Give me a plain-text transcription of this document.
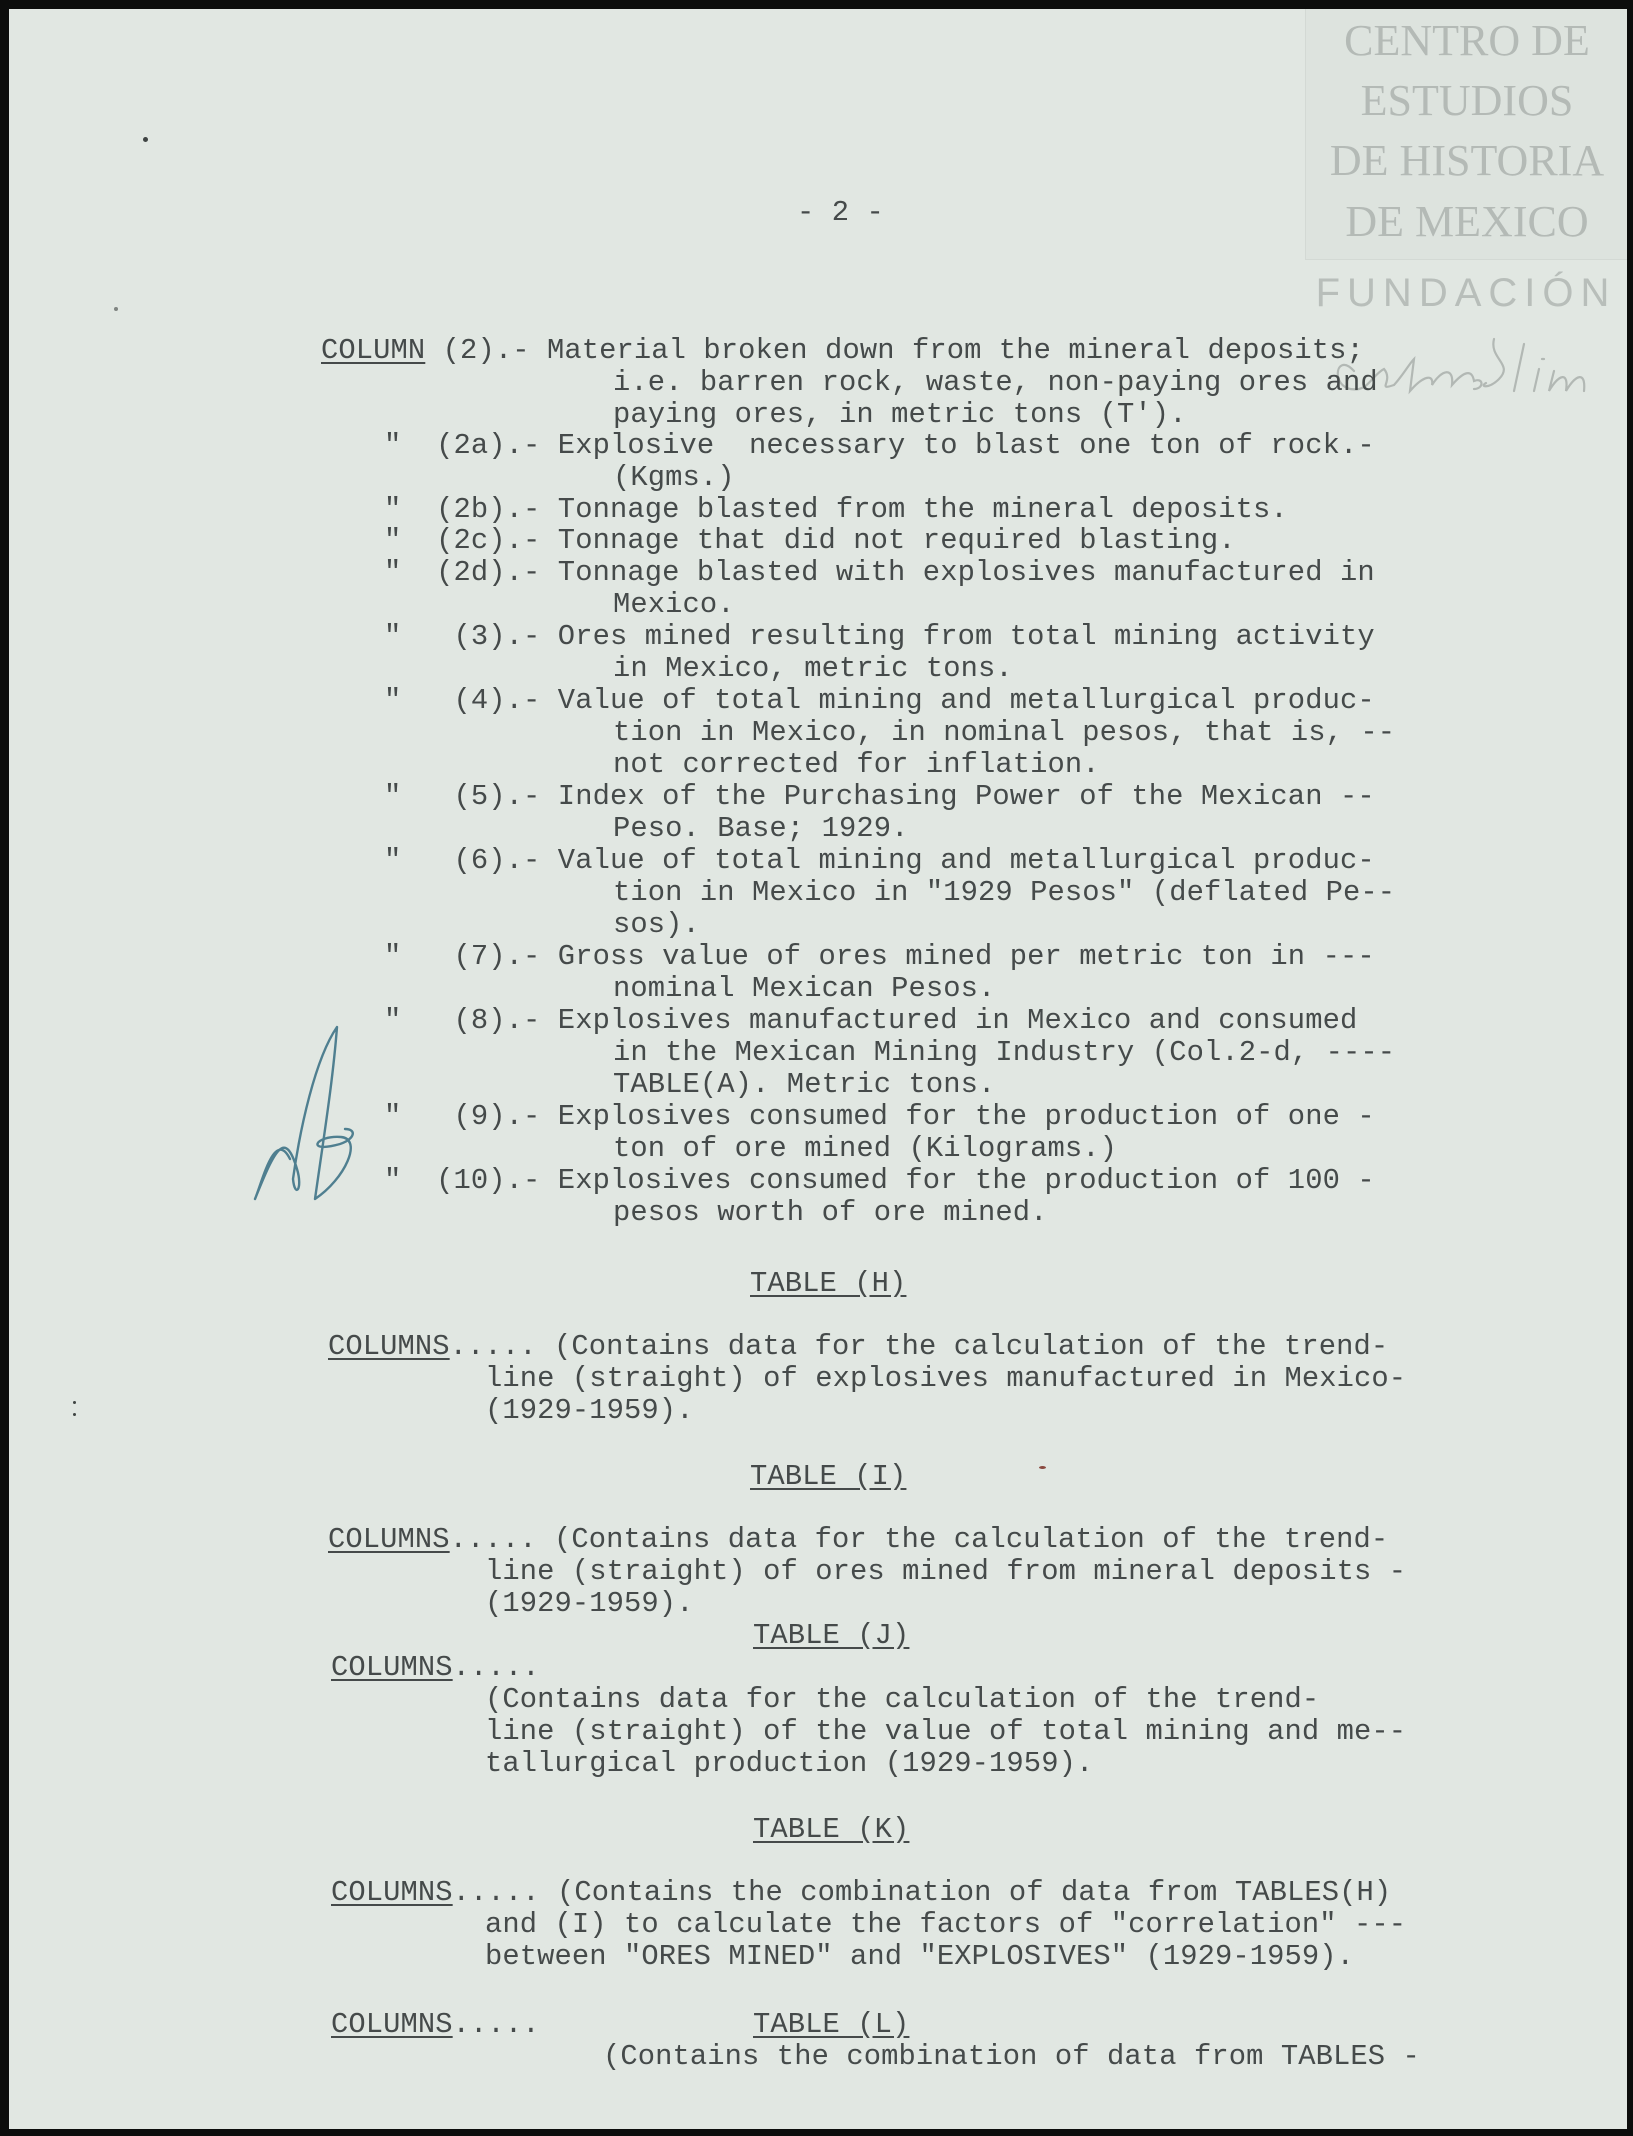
CENTRO DE
ESTUDIOS
DE HISTORIA
DE MEXICO
FUNDACIÓN
- 2 -
COLUMN (2).- Material broken down from the mineral deposits;
i.e. barren rock, waste, non-paying ores and
paying ores, in metric tons (T').
"  (2a).- Explosive  necessary to blast one ton of rock.-
(Kgms.)
"  (2b).- Tonnage blasted from the mineral deposits.
"  (2c).- Tonnage that did not required blasting.
"  (2d).- Tonnage blasted with explosives manufactured in
Mexico.
"   (3).- Ores mined resulting from total mining activity
in Mexico, metric tons.
"   (4).- Value of total mining and metallurgical produc-
tion in Mexico, in nominal pesos, that is, --
not corrected for inflation.
"   (5).- Index of the Purchasing Power of the Mexican --
Peso. Base; 1929.
"   (6).- Value of total mining and metallurgical produc-
tion in Mexico in "1929 Pesos" (deflated Pe--
sos).
"   (7).- Gross value of ores mined per metric ton in ---
nominal Mexican Pesos.
"   (8).- Explosives manufactured in Mexico and consumed
in the Mexican Mining Industry (Col.2-d, ----
TABLE(A). Metric tons.
"   (9).- Explosives consumed for the production of one -
ton of ore mined (Kilograms.)
"  (10).- Explosives consumed for the production of 100 -
pesos worth of ore mined.
TABLE (H)
COLUMNS..... (Contains data for the calculation of the trend-
line (straight) of explosives manufactured in Mexico-
(1929-1959).
TABLE (I)
COLUMNS..... (Contains data for the calculation of the trend-
line (straight) of ores mined from mineral deposits -
(1929-1959).
TABLE (J)
COLUMNS.....
(Contains data for the calculation of the trend-
line (straight) of the value of total mining and me--
tallurgical production (1929-1959).
TABLE (K)
COLUMNS..... (Contains the combination of data from TABLES(H)
and (I) to calculate the factors of "correlation" ---
between "ORES MINED" and "EXPLOSIVES" (1929-1959).
COLUMNS.....	TABLE (L)
(Contains the combination of data from TABLES -
